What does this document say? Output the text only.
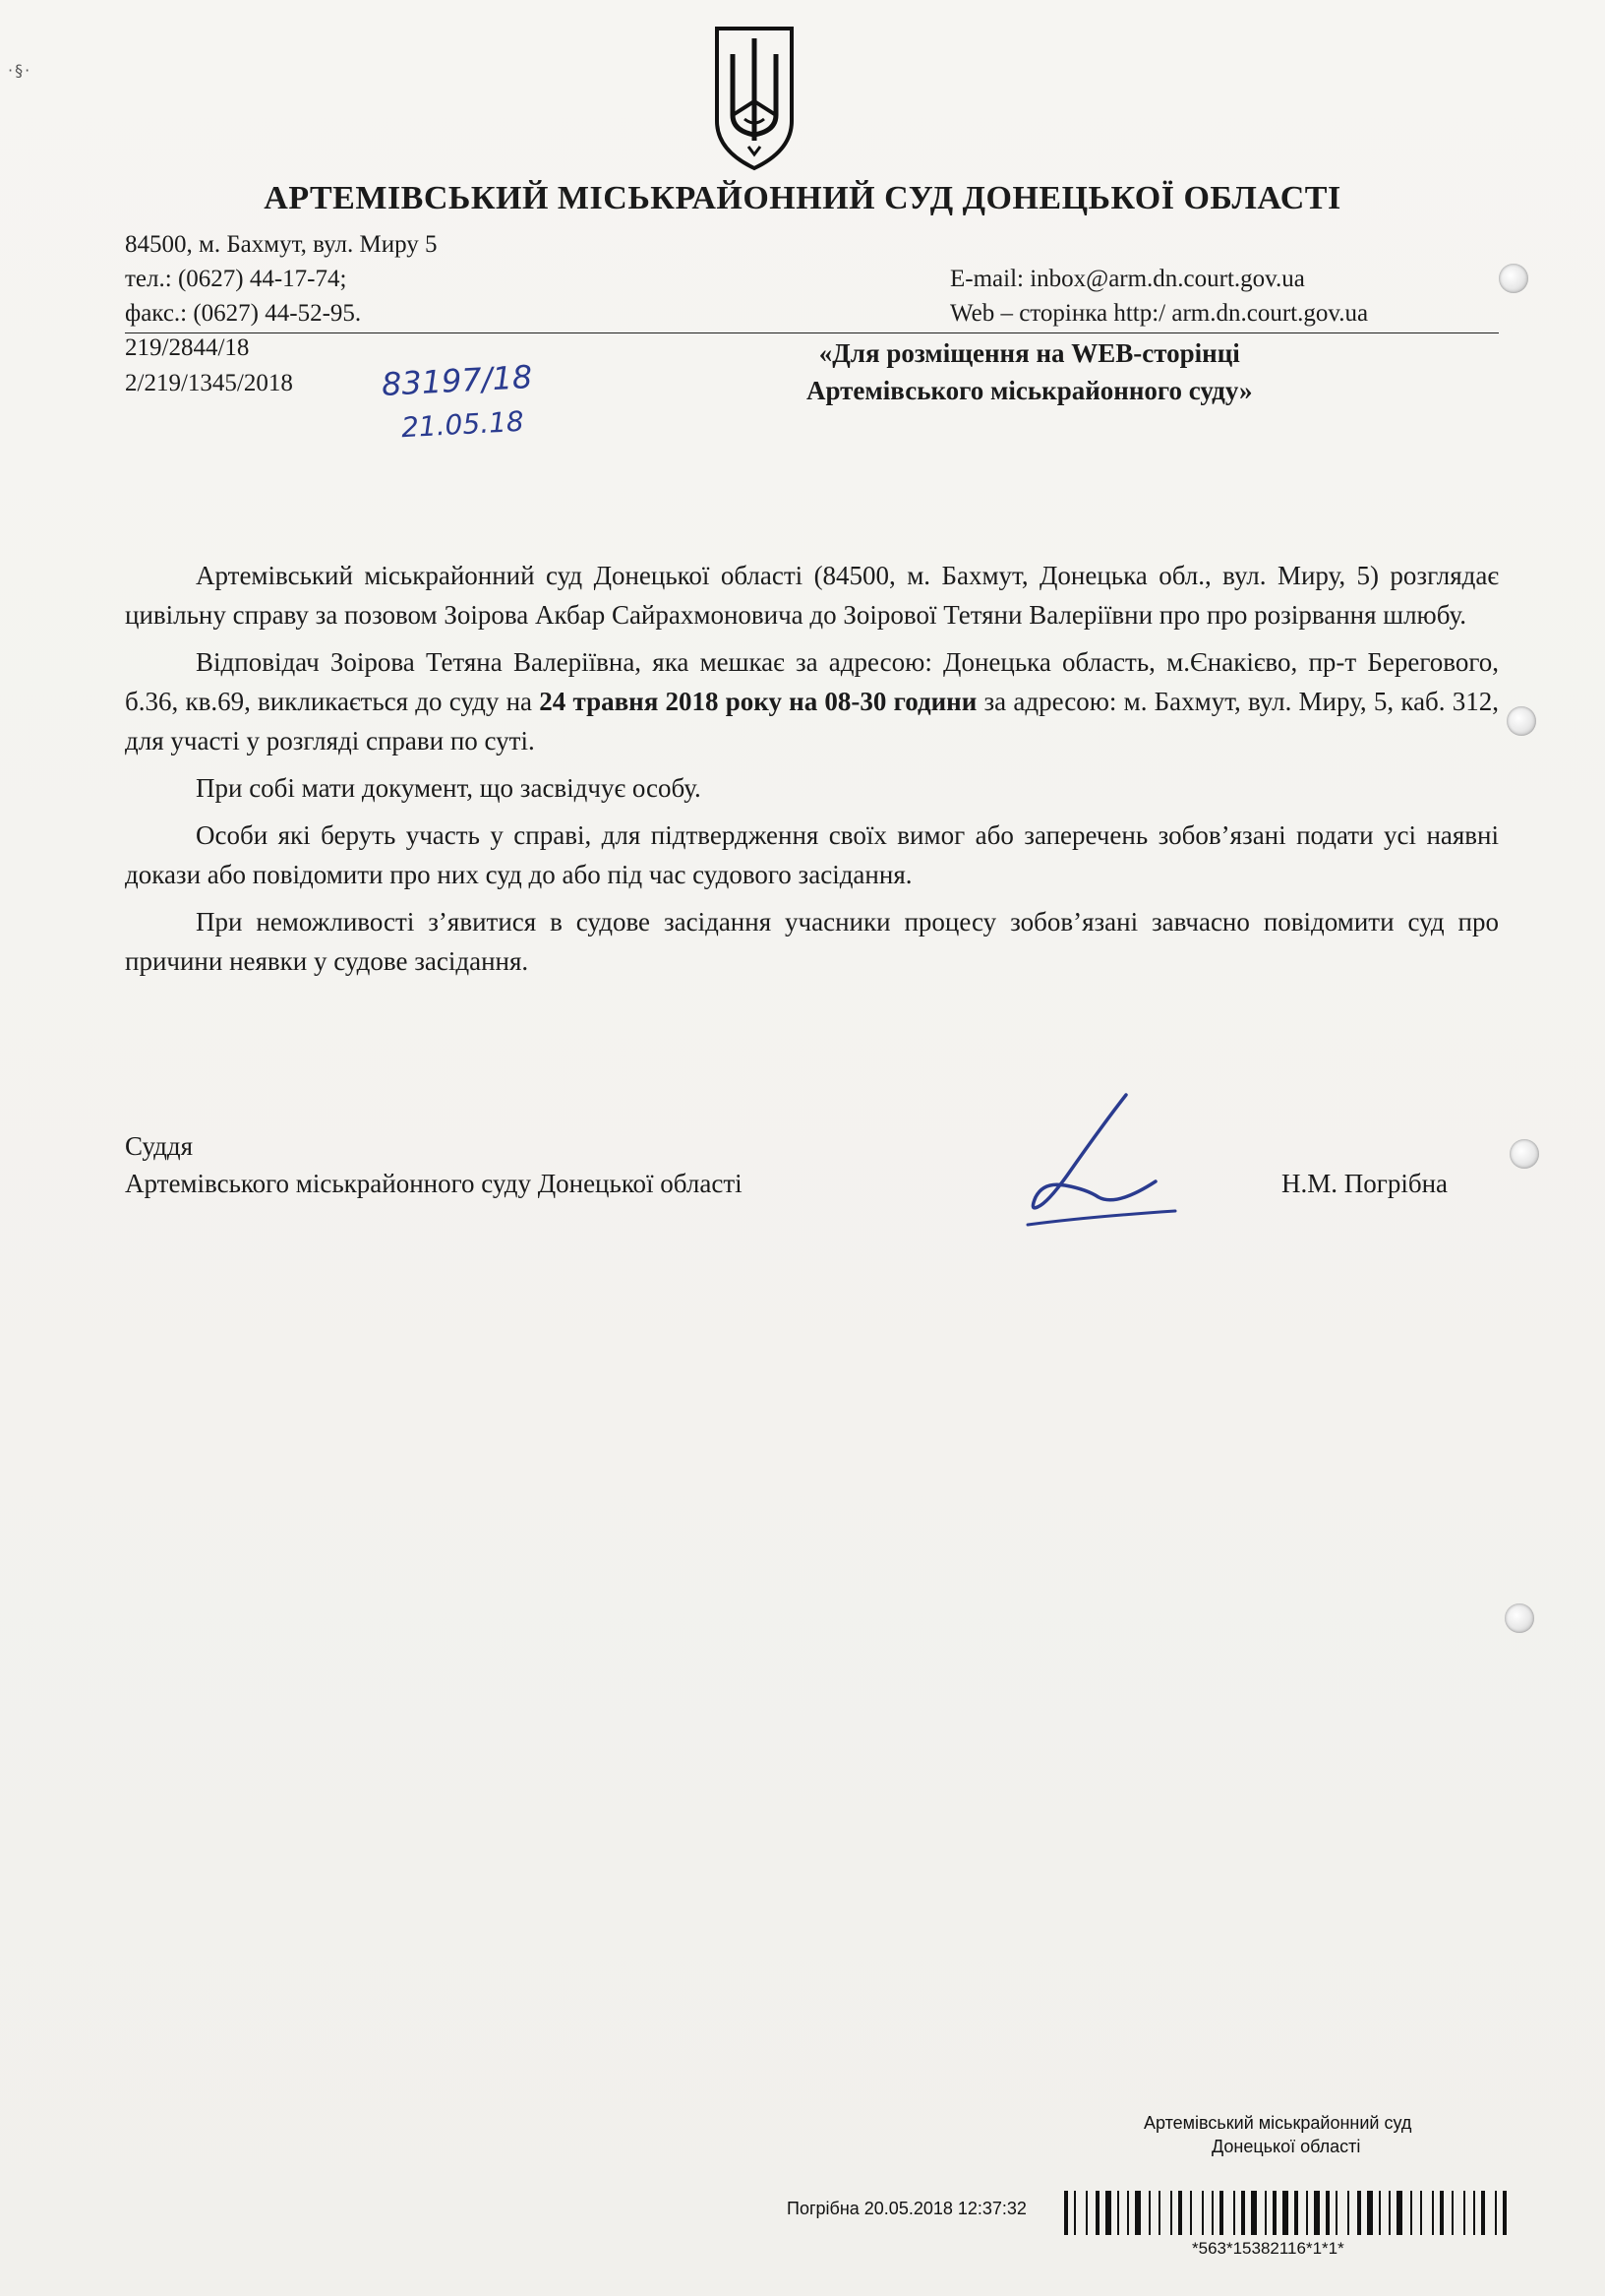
·§·
АРТЕМІВСЬКИЙ МІСЬКРАЙОННИЙ СУД ДОНЕЦЬКОЇ ОБЛАСТІ
84500, м. Бахмут, вул. Миру 5
тел.: (0627) 44-17-74;	E-mail: inbox@arm.dn.court.gov.ua
факс.: (0627) 44-52-95.	Web – сторінка http:/ arm.dn.court.gov.ua
219/2844/18
2/219/1345/2018	83197/18
21.05.18
«Для розміщення на WEB-сторінці
Артемівського міськрайонного суду»

Артемівський міськрайонний суд Донецької області (84500, м. Бахмут, Донецька обл., вул. Миру, 5) розглядає цивільну справу за позовом Зоірова Акбар Сайрахмоновича до Зоірової Тетяни Валеріївни про про розірвання шлюбу.

Відповідач Зоірова Тетяна Валеріївна, яка мешкає за адресою: Донецька область, м.Єнакієво, пр-т Берегового, б.36, кв.69, викликається до суду на 24 травня 2018 року на 08-30 години за адресою: м. Бахмут, вул. Миру, 5, каб. 312, для участі у розгляді справи по суті.

При собі мати документ, що засвідчує особу.

Особи які беруть участь у справі, для підтвердження своїх вимог або заперечень зобов’язані подати усі наявні докази або повідомити про них суд до або під час судового засідання.

При неможливості з’явитися в судове засідання учасники процесу зобов’язані завчасно повідомити суд про причини неявки у судове засідання.

Суддя
Артемівського міськрайонного суду Донецької області	Н.М. Погрібна
Артемівський міськрайонний суд
Донецької області
Погрібна 20.05.2018 12:37:32
*563*15382116*1*1*
